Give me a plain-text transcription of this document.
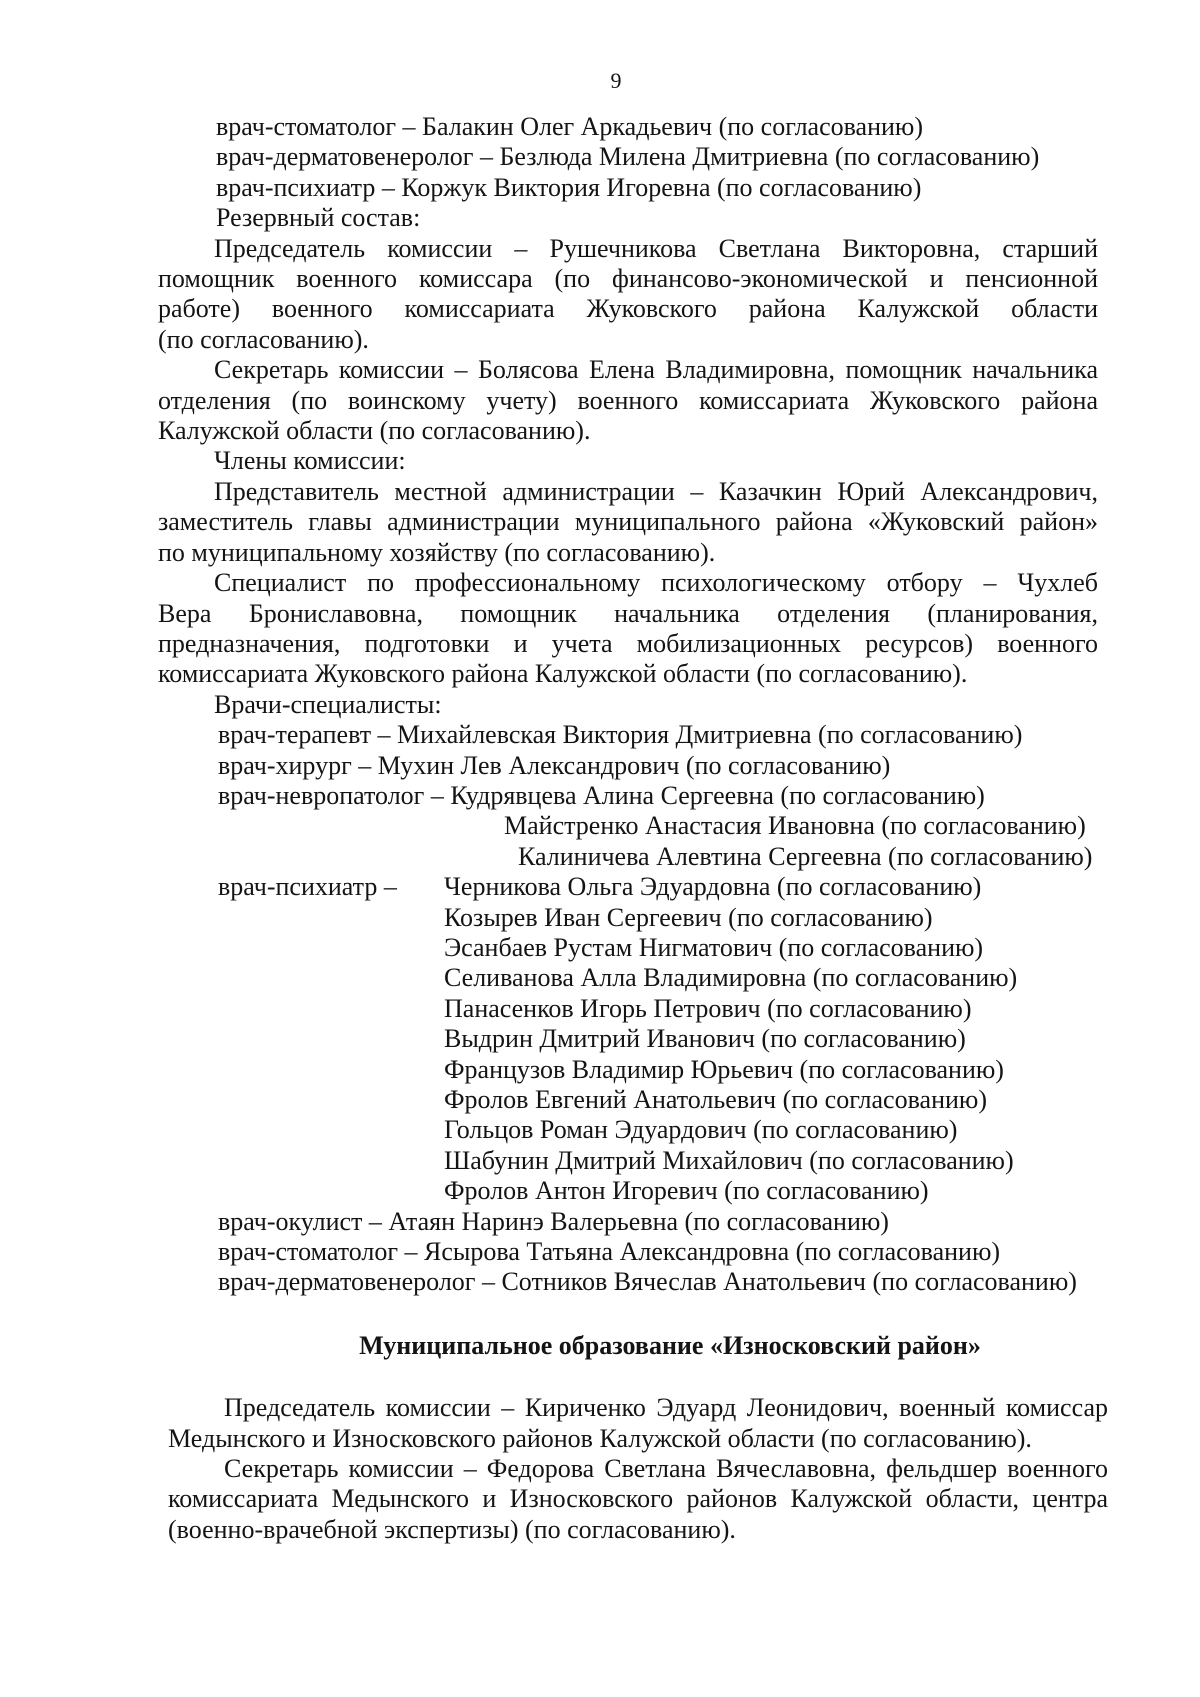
9
врач-стоматолог – Балакин Олег Аркадьевич (по согласованию)
врач-дерматовенеролог – Безлюда Милена Дмитриевна (по согласованию)
врач-психиатр – Коржук Виктория Игоревна (по согласованию)
Резервный состав:
Председатель комиссии – Рушечникова Светлана Викторовна, старший
помощник военного комиссара (по финансово-экономической и пенсионной
работе) военного комиссариата Жуковского района Калужской области
(по согласованию).
Секретарь комиссии – Болясова Елена Владимировна, помощник начальника
отделения (по воинскому учету) военного комиссариата Жуковского района
Калужской области (по согласованию).
Члены комиссии:
Представитель местной администрации – Казачкин Юрий Александрович,
заместитель главы администрации муниципального района «Жуковский район»
по муниципальному хозяйству (по согласованию).
Специалист по профессиональному психологическому отбору – Чухлеб
Вера Брониславовна, помощник начальника отделения (планирования,
предназначения, подготовки и учета мобилизационных ресурсов) военного
комиссариата Жуковского района Калужской области (по согласованию).
Врачи-специалисты:
врач-терапевт – Михайлевская Виктория Дмитриевна (по согласованию)
врач-хирург – Мухин Лев Александрович (по согласованию)
врач-невропатолог – Кудрявцева Алина Сергеевна (по согласованию)
Майстренко Анастасия Ивановна (по согласованию)
Калиничева Алевтина Сергеевна (по согласованию)
врач-психиатр –	Черникова Ольга Эдуардовна (по согласованию)
Козырев Иван Сергеевич (по согласованию)
Эсанбаев Рустам Нигматович (по согласованию)
Селиванова Алла Владимировна (по согласованию)
Панасенков Игорь Петрович (по согласованию)
Выдрин Дмитрий Иванович (по согласованию)
Французов Владимир Юрьевич (по согласованию)
Фролов Евгений Анатольевич (по согласованию)
Гольцов Роман Эдуардович (по согласованию)
Шабунин Дмитрий Михайлович (по согласованию)
Фролов Антон Игоревич (по согласованию)
врач-окулист – Атаян Наринэ Валерьевна (по согласованию)
врач-стоматолог – Ясырова Татьяна Александровна (по согласованию)
врач-дерматовенеролог – Сотников Вячеслав Анатольевич (по согласованию)
Муниципальное образование «Износковский район»
Председатель комиссии – Кириченко Эдуард Леонидович, военный комиссар
Медынского и Износковского районов Калужской области (по согласованию).
Секретарь комиссии – Федорова Светлана Вячеславовна, фельдшер военного
комиссариата Медынского и Износковского районов Калужской области, центра
(военно-врачебной экспертизы) (по согласованию).
